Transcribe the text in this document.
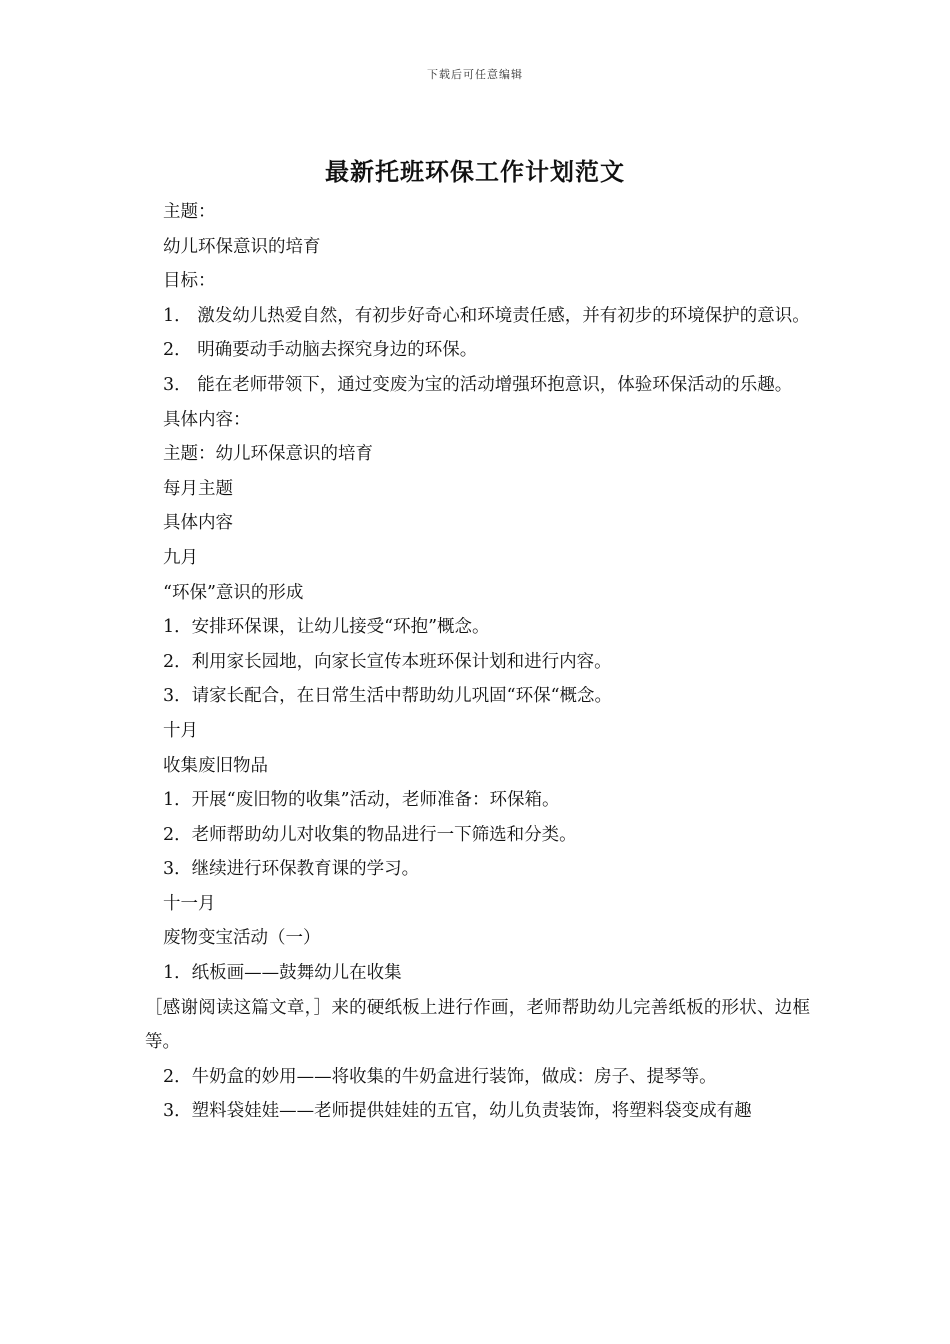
下载后可任意编辑
最新托班环保工作计划范文

主题：

幼儿环保意识的培育

目标：

1． 激发幼儿热爱自然，有初步好奇心和环境责任感，并有初步的环境保护的意识。

2． 明确要动手动脑去探究身边的环保。

3． 能在老师带领下，通过变废为宝的活动增强环抱意识，体验环保活动的乐趣。

具体内容：

主题：幼儿环保意识的培育

每月主题

具体内容

九月

“环保”意识的形成

1．安排环保课，让幼儿接受“环抱”概念。

2．利用家长园地，向家长宣传本班环保计划和进行内容。

3．请家长配合，在日常生活中帮助幼儿巩固“环保“概念。

十月

收集废旧物品

1．开展“废旧物的收集”活动，老师准备：环保箱。

2．老师帮助幼儿对收集的物品进行一下筛选和分类。

3．继续进行环保教育课的学习。

十一月

废物变宝活动（一）

1．纸板画——鼓舞幼儿在收集

［感谢阅读这篇文章，］来的硬纸板上进行作画，老师帮助幼儿完善纸板的形状、边框等。

2．牛奶盒的妙用——将收集的牛奶盒进行装饰，做成：房子、提琴等。

3．塑料袋娃娃——老师提供娃娃的五官，幼儿负责装饰，将塑料袋变成有趣
